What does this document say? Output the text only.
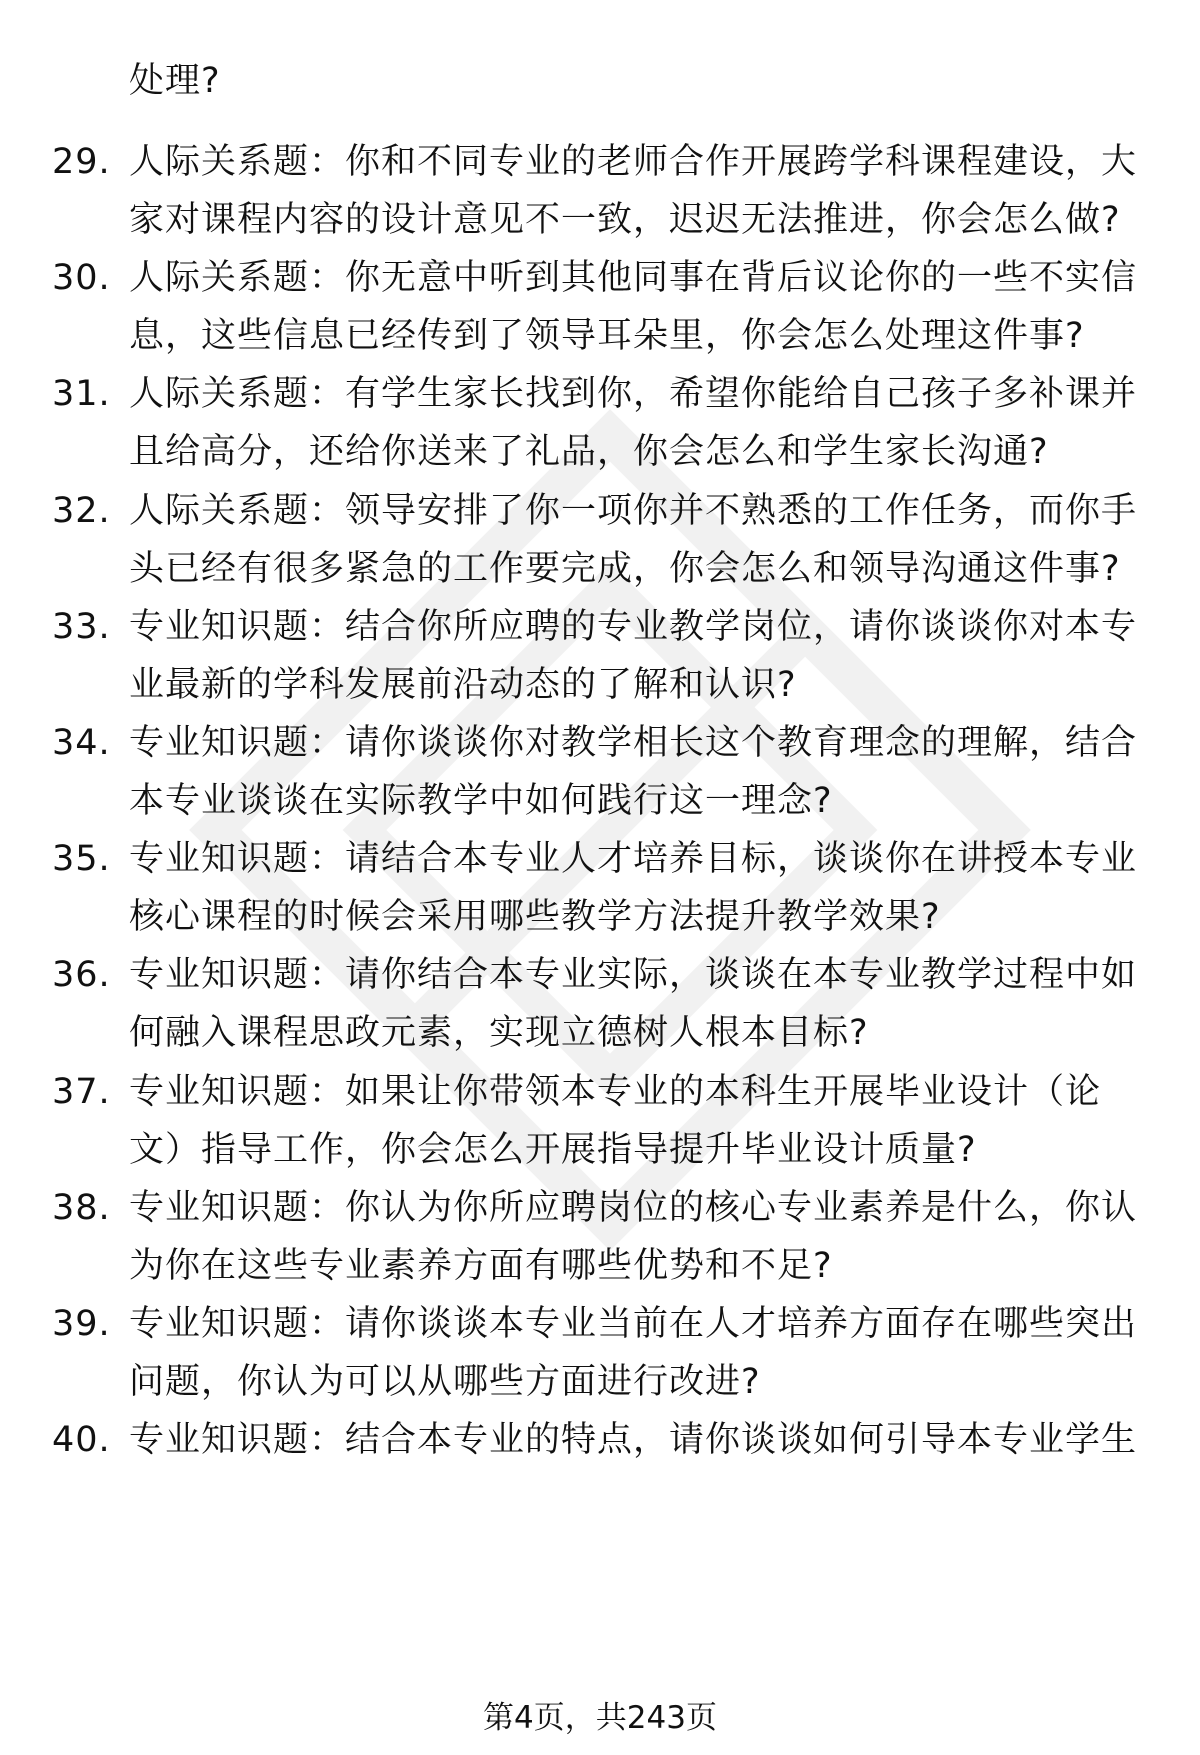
处理?
29. 人际关系题：你和不同专业的老师合作开展跨学科课程建设，大
家对课程内容的设计意见不一致，迟迟无法推进，你会怎么做?
30. 人际关系题：你无意中听到其他同事在背后议论你的一些不实信
息，这些信息已经传到了领导耳朵里，你会怎么处理这件事?
31. 人际关系题：有学生家长找到你，希望你能给自己孩子多补课并
且给高分，还给你送来了礼品，你会怎么和学生家长沟通?
32. 人际关系题：领导安排了你一项你并不熟悉的工作任务，而你手
头已经有很多紧急的工作要完成，你会怎么和领导沟通这件事?
33. 专业知识题：结合你所应聘的专业教学岗位，请你谈谈你对本专
业最新的学科发展前沿动态的了解和认识?
34. 专业知识题：请你谈谈你对教学相长这个教育理念的理解，结合
本专业谈谈在实际教学中如何践行这一理念?
35. 专业知识题：请结合本专业人才培养目标，谈谈你在讲授本专业
核心课程的时候会采用哪些教学方法提升教学效果?
36. 专业知识题：请你结合本专业实际，谈谈在本专业教学过程中如
何融入课程思政元素，实现立德树人根本目标?
37. 专业知识题：如果让你带领本专业的本科生开展毕业设计（论
文）指导工作，你会怎么开展指导提升毕业设计质量?
38. 专业知识题：你认为你所应聘岗位的核心专业素养是什么，你认
为你在这些专业素养方面有哪些优势和不足?
39. 专业知识题：请你谈谈本专业当前在人才培养方面存在哪些突出
问题，你认为可以从哪些方面进行改进?
40. 专业知识题：结合本专业的特点，请你谈谈如何引导本专业学生
第4页，共243页
